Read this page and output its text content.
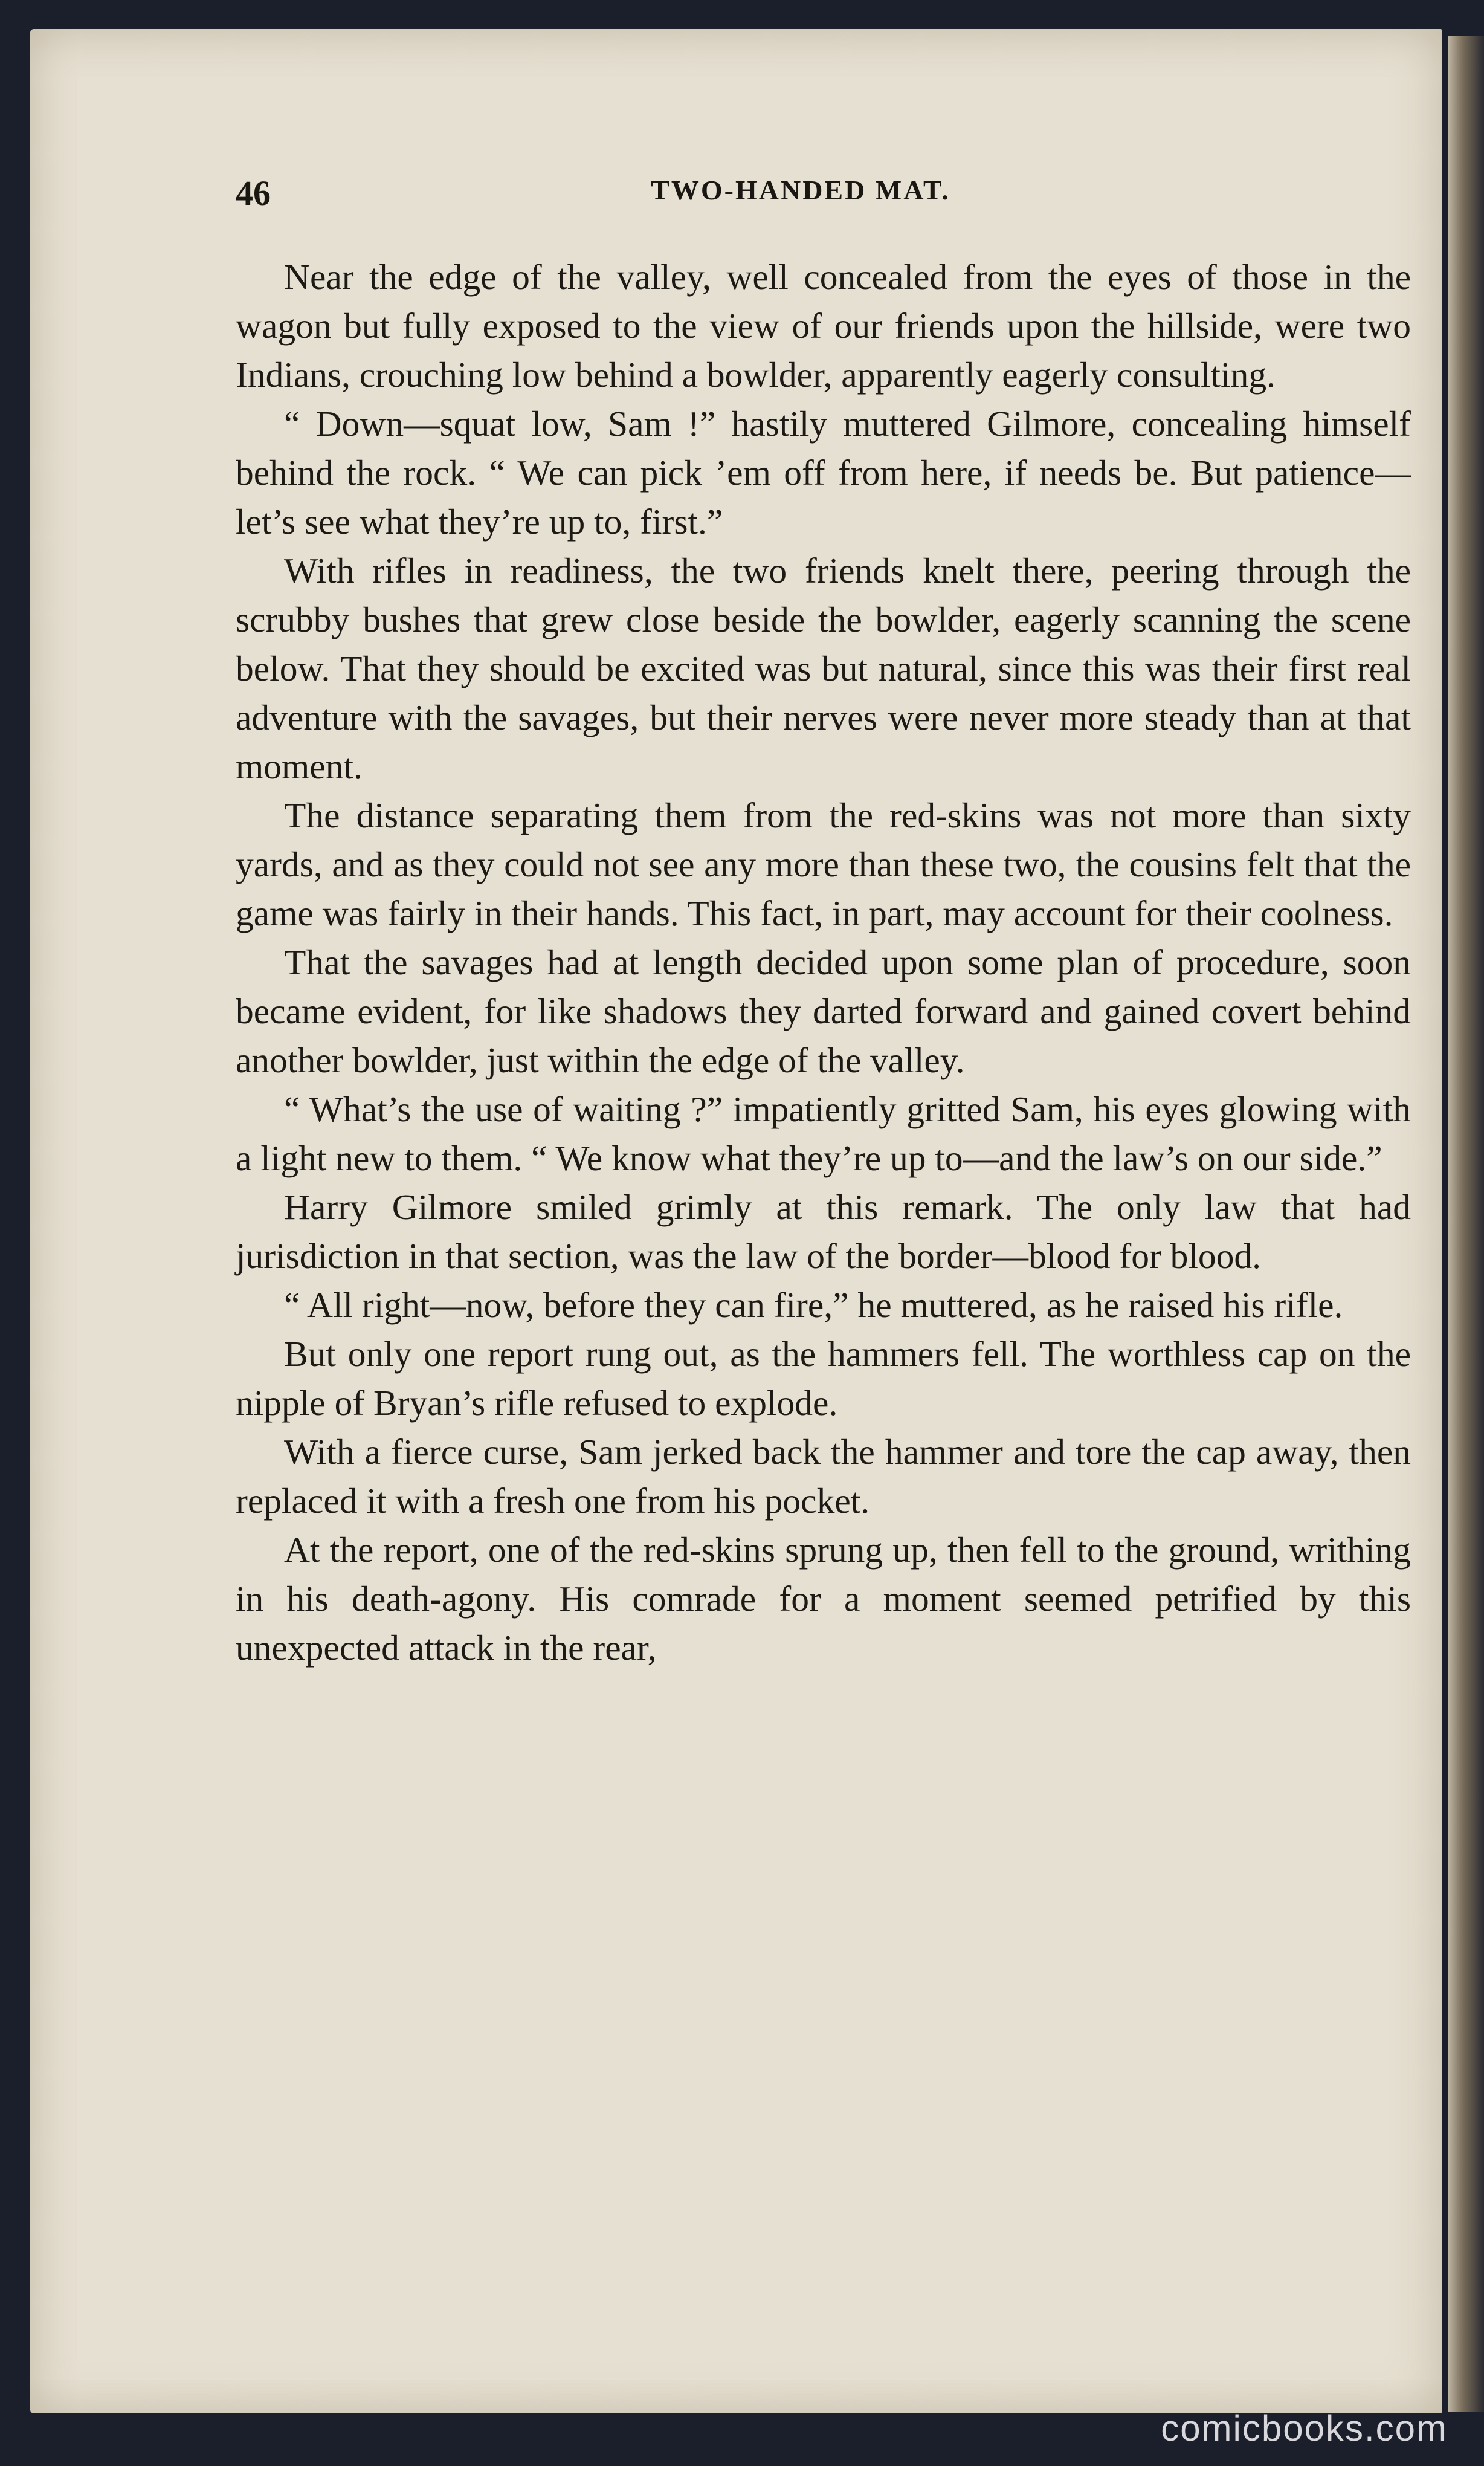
46	TWO-HANDED MAT.

Near the edge of the valley, well concealed from the eyes of those in the wagon but fully exposed to the view of our friends upon the hillside, were two Indians, crouching low behind a bowlder, apparently eagerly consulting.

“ Down—squat low, Sam !” hastily muttered Gilmore, concealing himself behind the rock. “ We can pick ’em off from here, if needs be. But patience—let’s see what they’re up to, first.”

With rifles in readiness, the two friends knelt there, peering through the scrubby bushes that grew close beside the bowlder, eagerly scanning the scene below. That they should be excited was but natural, since this was their first real adventure with the savages, but their nerves were never more steady than at that moment.

The distance separating them from the red-skins was not more than sixty yards, and as they could not see any more than these two, the cousins felt that the game was fairly in their hands. This fact, in part, may account for their coolness.

That the savages had at length decided upon some plan of procedure, soon became evident, for like shadows they darted forward and gained covert behind another bowlder, just within the edge of the valley.

“ What’s the use of waiting ?” impatiently gritted Sam, his eyes glowing with a light new to them. “ We know what they’re up to—and the law’s on our side.”

Harry Gilmore smiled grimly at this remark. The only law that had jurisdiction in that section, was the law of the border—blood for blood.

“ All right—now, before they can fire,” he muttered, as he raised his rifle.

But only one report rung out, as the hammers fell. The worthless cap on the nipple of Bryan’s rifle refused to explode.

With a fierce curse, Sam jerked back the hammer and tore the cap away, then replaced it with a fresh one from his pocket.

At the report, one of the red-skins sprung up, then fell to the ground, writhing in his death-agony. His comrade for a moment seemed petrified by this unexpected attack in the rear,

comicbooks.com
